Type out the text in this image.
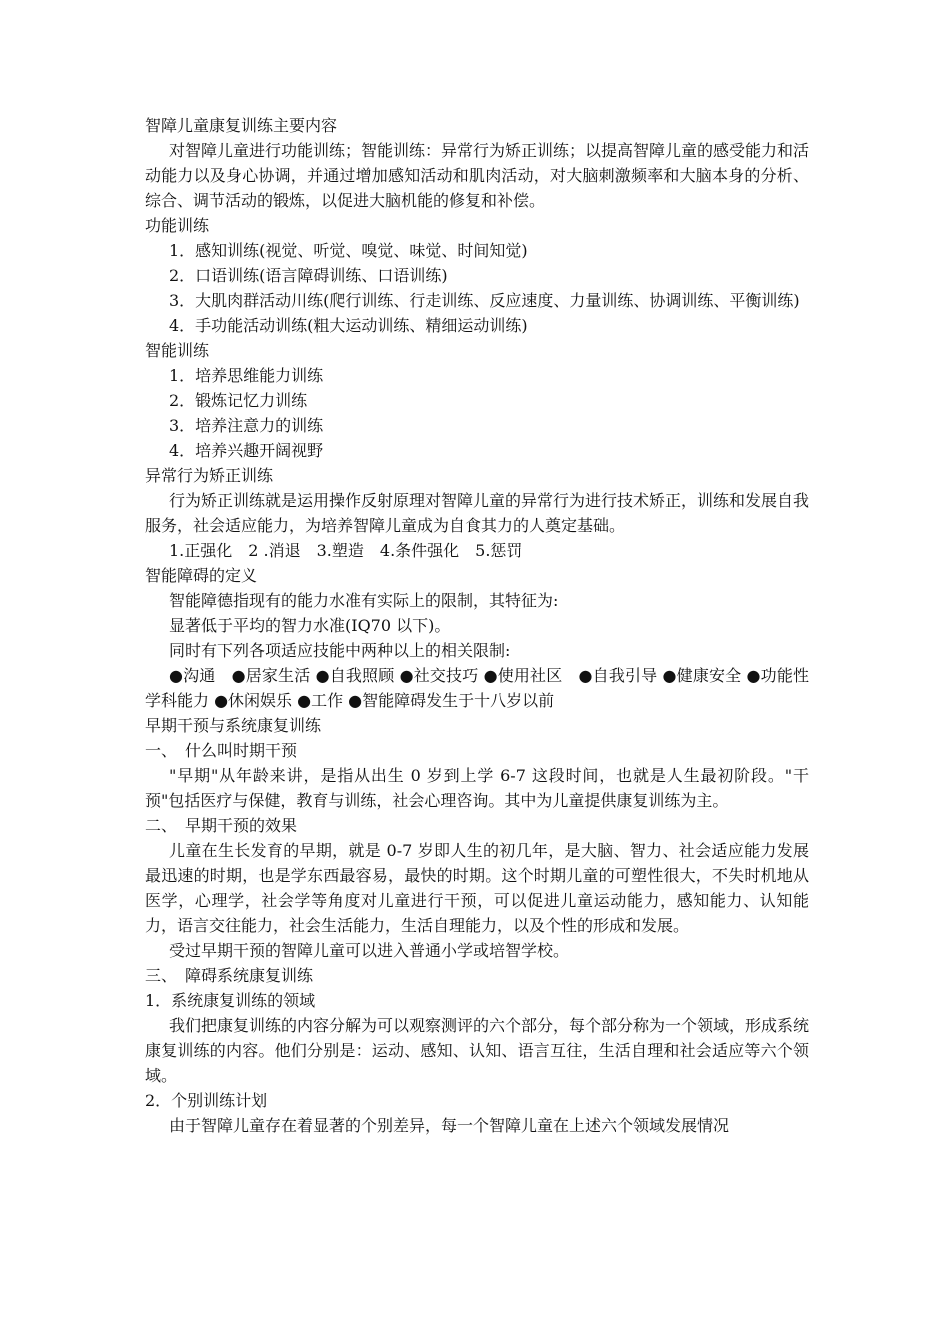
智障儿童康复训练主要内容

对智障儿童进行功能训练；智能训练：异常行为矫正训练；以提高智障儿童的感受能力和活动能力以及身心协调，并通过增加感知活动和肌肉活动，对大脑刺激频率和大脑本身的分析、综合、调节活动的锻炼，以促进大脑机能的修复和补偿。

功能训练

1．感知训练(视觉、听觉、嗅觉、味觉、时间知觉)

2．口语训练(语言障碍训练、口语训练)

3．大肌肉群活动川练(爬行训练、行走训练、反应速度、力量训练、协调训练、平衡训练)

4．手功能活动训练(粗大运动训练、精细运动训练)

智能训练

1．培养思维能力训练

2．锻炼记忆力训练

3．培养注意力的训练

4．培养兴趣开阔视野

异常行为矫正训练

行为矫正训练就是运用操作反射原理对智障儿童的异常行为进行技术矫正，训练和发展自我服务，社会适应能力，为培养智障儿童成为自食其力的人奠定基础。

1.正强化　2 .消退　3.塑造　4.条件强化　5.惩罚

智能障碍的定义

智能障德指现有的能力水准有实际上的限制，其特征为:

显著低于平均的智力水准(IQ70 以下)。

同时有下列各项适应技能中两种以上的相关限制:

●沟通　●居家生活 ●自我照顾 ●社交技巧 ●使用社区　●自我引导 ●健康安全 ●功能性学科能力 ●休闲娱乐 ●工作 ●智能障碍发生于十八岁以前

早期干预与系统康复训练
一、　什么叫时期干预

"早期"从年龄来讲，是指从出生 0 岁到上学 6-7 这段时间，也就是人生最初阶段。"干预"包括医疗与保健，教育与训练，社会心理咨询。其中为儿童提供康复训练为主。

二、　早期干预的效果

儿童在生长发育的早期，就是 0-7 岁即人生的初几年，是大脑、智力、社会适应能力发展最迅速的时期，也是学东西最容易，最快的时期。这个时期儿童的可塑性很大，不失时机地从医学，心理学，社会学等角度对儿童进行干预，可以促进儿童运动能力，感知能力、认知能力，语言交往能力，社会生活能力，生活自理能力，以及个性的形成和发展。

受过早期干预的智障儿童可以进入普通小学或培智学校。

三、　障碍系统康复训练
1．系统康复训练的领域

我们把康复训练的内容分解为可以观察测评的六个部分，每个部分称为一个领域，形成系统康复训练的内容。他们分别是：运动、感知、认知、语言互往，生活自理和社会适应等六个领域。

2．个别训练计划

由于智障儿童存在着显著的个别差异，每一个智障儿童在上述六个领域发展情况
